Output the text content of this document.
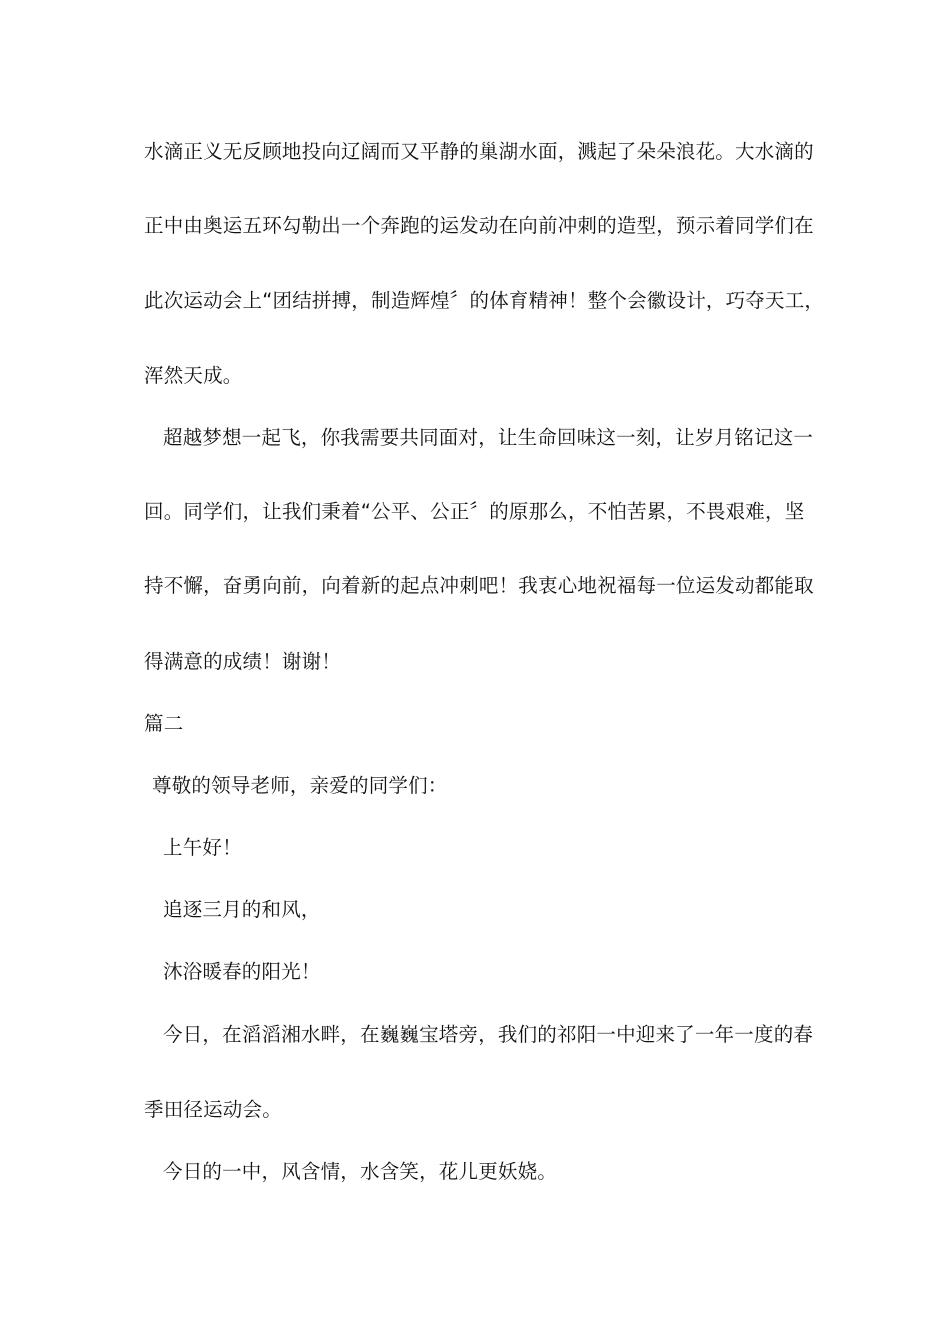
水滴正义无反顾地投向辽阔而又平静的巢湖水面，溅起了朵朵浪花。大水滴的
正中由奥运五环勾勒出一个奔跑的运发动在向前冲刺的造型，预示着同学们在
此次运动会上“团结拼搏，制造辉煌〞的体育精神！整个会徽设计，巧夺天工，
浑然天成。
超越梦想一起飞，你我需要共同面对，让生命回味这一刻，让岁月铭记这一
回。同学们，让我们秉着“公平、公正〞的原那么，不怕苦累，不畏艰难，坚
持不懈，奋勇向前，向着新的起点冲刺吧！我衷心地祝福每一位运发动都能取
得满意的成绩！谢谢！
篇二
尊敬的领导老师，亲爱的同学们：
上午好！
追逐三月的和风，
沐浴暖春的阳光！
今日，在滔滔湘水畔，在巍巍宝塔旁，我们的祁阳一中迎来了一年一度的春
季田径运动会。
今日的一中，风含情，水含笑，花儿更妖娆。
